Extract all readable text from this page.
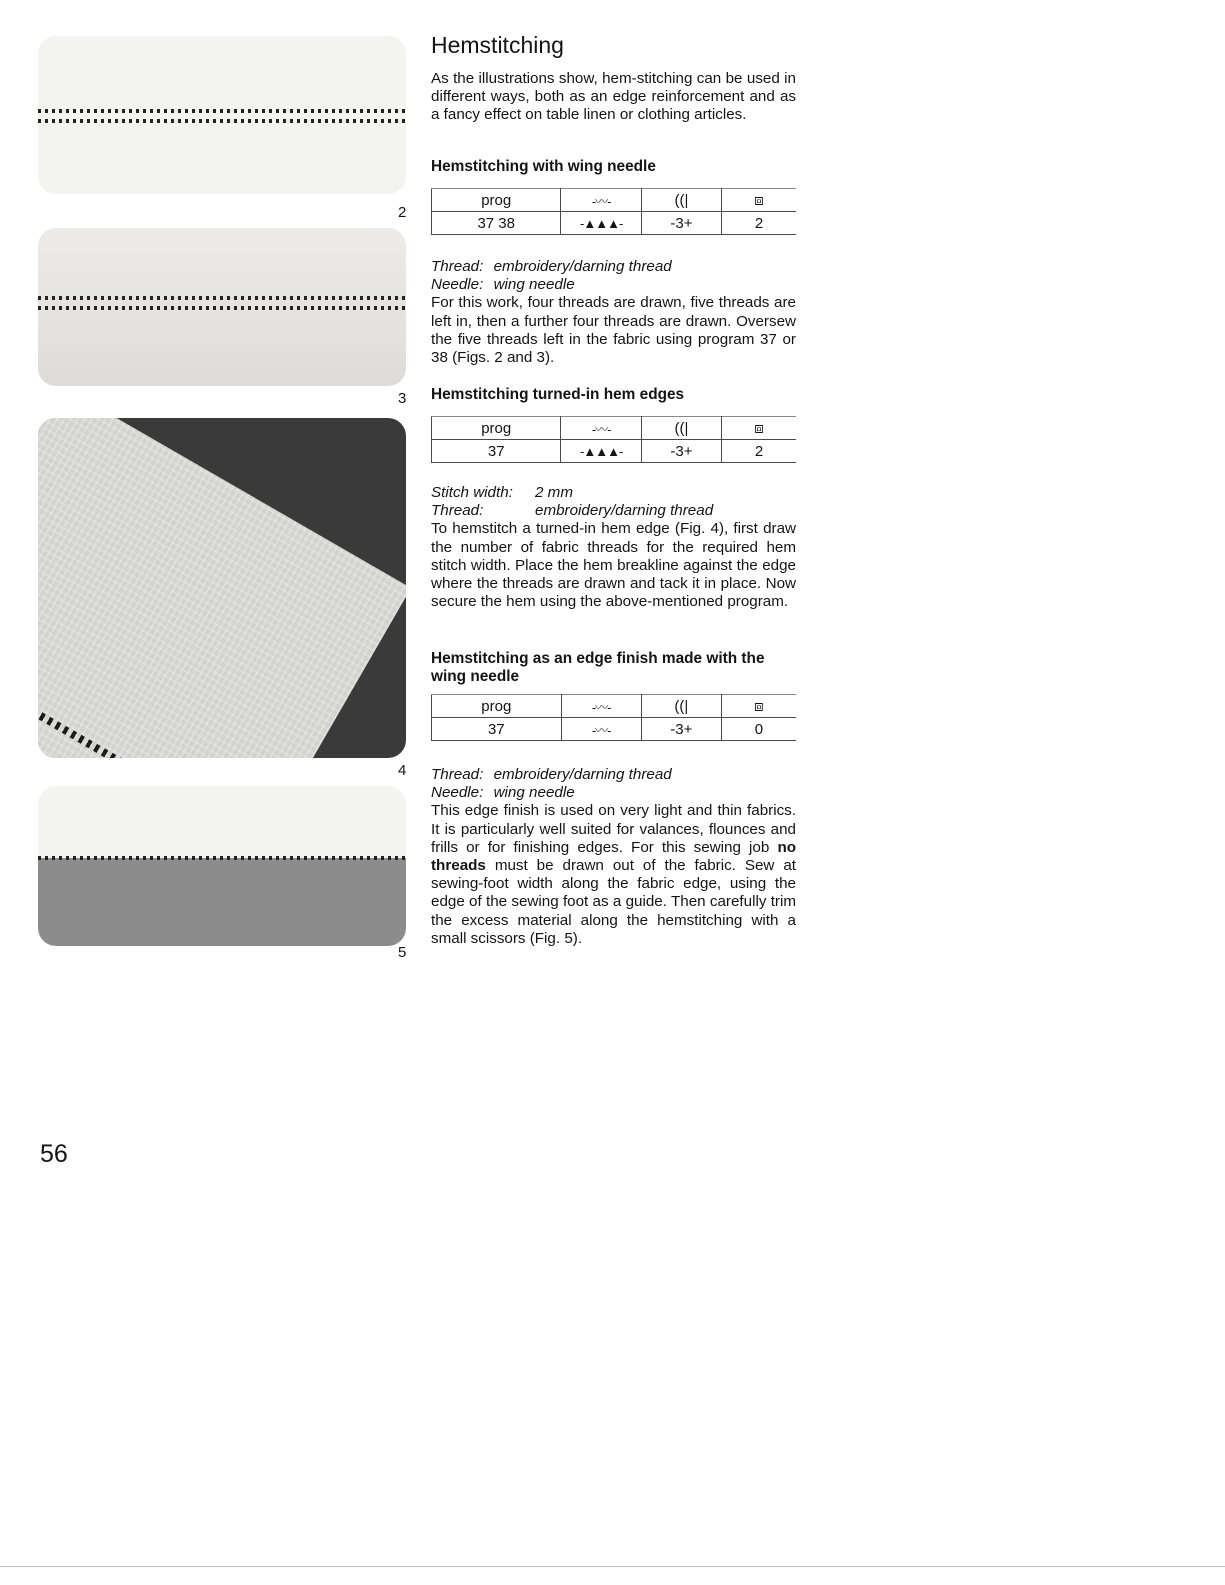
2
3
4
5
Hemstitching

As the illustrations show, hem-stitching can be used in different ways, both as an edge reinforcement and as a fancy effect on table linen or clothing articles.

Hemstitching with wing needle
prog	-〰-	((|	⧈
37 38	-▲▲▲-	-3+	2

Thread: embroidery/darning thread

Needle: wing needle

For this work, four threads are drawn, five threads are left in, then a further four threads are drawn. Oversew the five threads left in the fabric using program 37 or 38 (Figs. 2 and 3).

Hemstitching turned-in hem edges
prog	-〰-	((|	⧈
37	-▲▲▲-	-3+	2

Stitch width: 2 mm

Thread:	embroidery/darning thread

To hemstitch a turned-in hem edge (Fig. 4), first draw the number of fabric threads for the required hem stitch width. Place the hem breakline against the edge where the threads are drawn and tack it in place. Now secure the hem using the above-mentioned program.

Hemstitching as an edge finish made with the
wing needle
prog	-〰-	((|	⧈
37	-〰-	-3+	0

Thread: embroidery/darning thread

Needle: wing needle

This edge finish is used on very light and thin fabrics. It is particularly well suited for valances, flounces and frills or for finishing edges. For this sewing job no threads must be drawn out of the fabric. Sew at sewing-foot width along the fabric edge, using the edge of the sewing foot as a guide. Then carefully trim the excess material along the hemstitching with a small scissors (Fig. 5).

56
